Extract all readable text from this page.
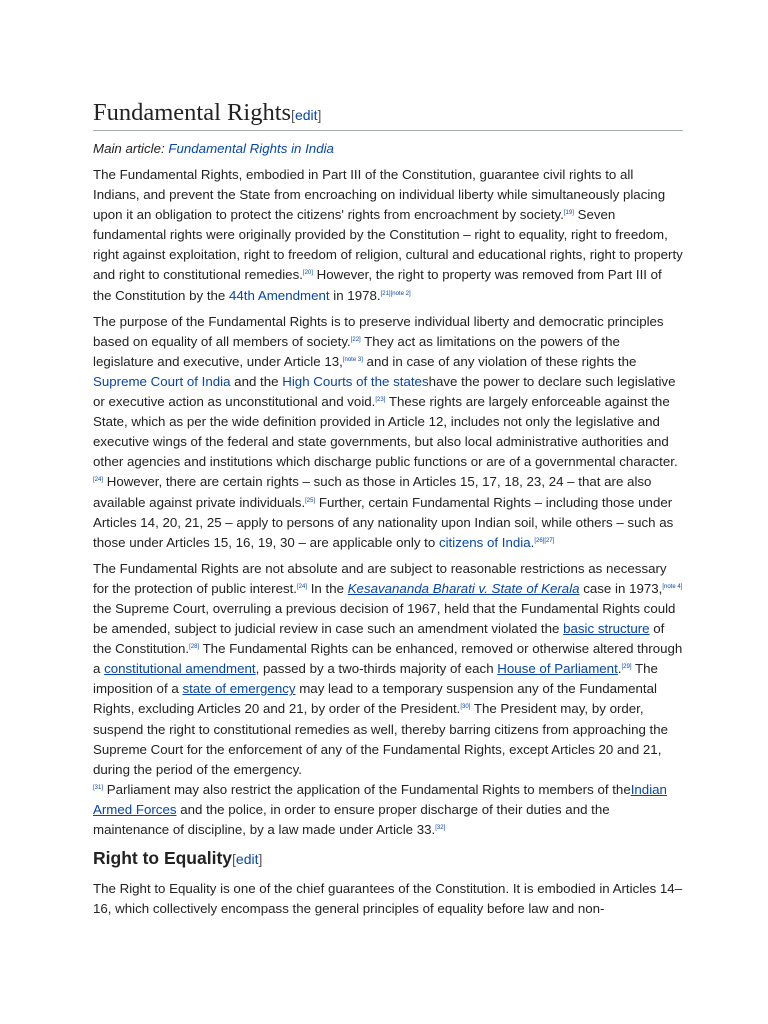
Fundamental Rights[edit]
Main article: Fundamental Rights in India

The Fundamental Rights, embodied in Part III of the Constitution, guarantee civil rights to all Indians, and prevent the State from encroaching on individual liberty while simultaneously placing upon it an obligation to protect the citizens' rights from encroachment by society.[19] Seven fundamental rights were originally provided by the Constitution – right to equality, right to freedom, right against exploitation, right to freedom of religion, cultural and educational rights, right to property and right to constitutional remedies.[20] However, the right to property was removed from Part III of the Constitution by the 44th Amendment in 1978.[21][note 2]

The purpose of the Fundamental Rights is to preserve individual liberty and democratic principles based on equality of all members of society.[22] They act as limitations on the powers of the legislature and executive, under Article 13,[note 3] and in case of any violation of these rights the Supreme Court of India and the High Courts of the stateshave the power to declare such legislative or executive action as unconstitutional and void.[23] These rights are largely enforceable against the State, which as per the wide definition provided in Article 12, includes not only the legislative and executive wings of the federal and state governments, but also local administrative authorities and other agencies and institutions which discharge public functions or are of a governmental character.[24] However, there are certain rights – such as those in Articles 15, 17, 18, 23, 24 – that are also available against private individuals.[25] Further, certain Fundamental Rights – including those under Articles 14, 20, 21, 25 – apply to persons of any nationality upon Indian soil, while others – such as those under Articles 15, 16, 19, 30 – are applicable only to citizens of India.[26][27]

The Fundamental Rights are not absolute and are subject to reasonable restrictions as necessary for the protection of public interest.[24] In the Kesavananda Bharati v. State of Kerala case in 1973,[note 4] the Supreme Court, overruling a previous decision of 1967, held that the Fundamental Rights could be amended, subject to judicial review in case such an amendment violated the basic structure of the Constitution.[28] The Fundamental Rights can be enhanced, removed or otherwise altered through a constitutional amendment, passed by a two-thirds majority of each House of Parliament.[29] The imposition of a state of emergency may lead to a temporary suspension any of the Fundamental Rights, excluding Articles 20 and 21, by order of the President.[30] The President may, by order, suspend the right to constitutional remedies as well, thereby barring citizens from approaching the Supreme Court for the enforcement of any of the Fundamental Rights, except Articles 20 and 21, during the period of the emergency.
[31] Parliament may also restrict the application of the Fundamental Rights to members of theIndian Armed Forces and the police, in order to ensure proper discharge of their duties and the maintenance of discipline, by a law made under Article 33.[32]

Right to Equality[edit]

The Right to Equality is one of the chief guarantees of the Constitution. It is embodied in Articles 14–16, which collectively encompass the general principles of equality before law and non-
